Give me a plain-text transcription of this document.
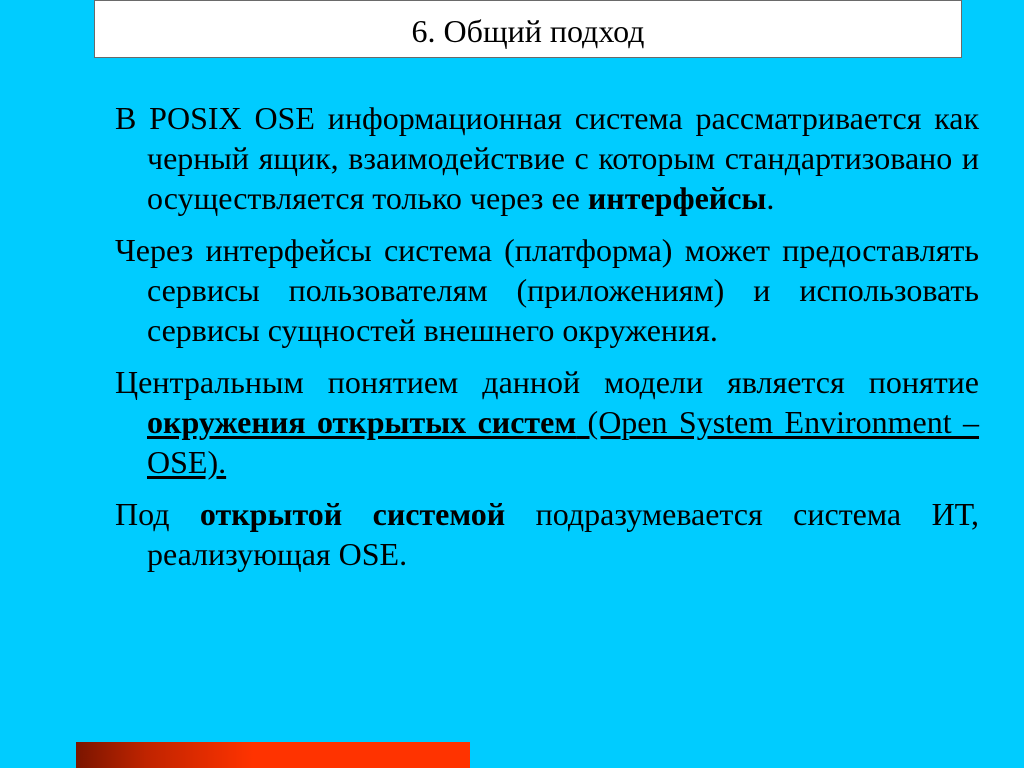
6. Общий подход

В POSIX OSE информационная система рассматривается как черный ящик, взаимодействие с которым стандартизовано и осуществляется только через ее интерфейсы.

Через интерфейсы система (платформа) может предоставлять сервисы пользователям (приложениям) и использовать сервисы сущностей внешнего окружения.

Центральным понятием данной модели является понятие окружения открытых систем (Open System Environment – OSE).

Под открытой системой подразумевается система ИТ, реализующая OSE.
